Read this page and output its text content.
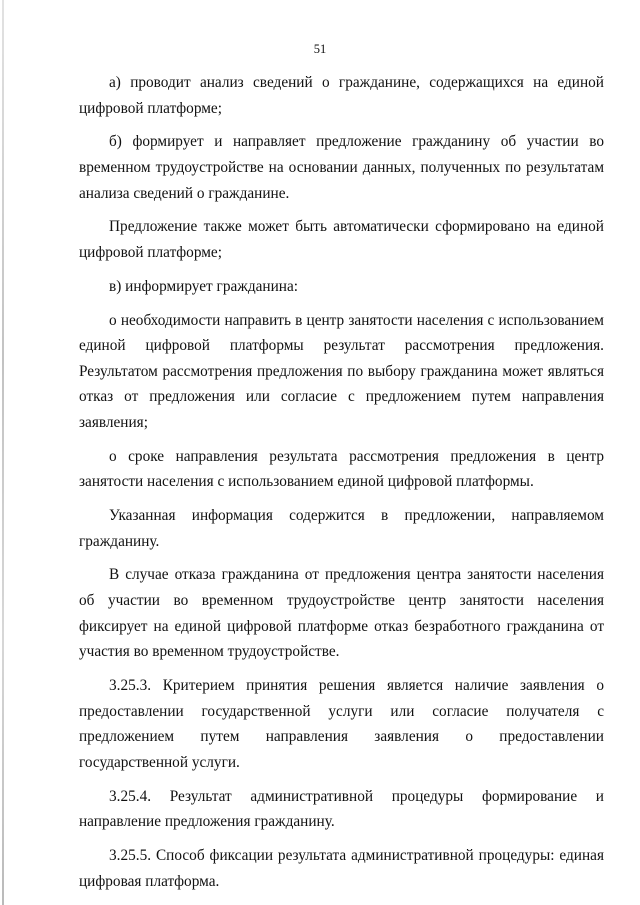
51

а) проводит анализ сведений о гражданине, содержащихся на единой цифровой платформе;

б) формирует и направляет предложение гражданину об участии во временном трудоустройстве на основании данных, полученных по результатам анализа сведений о гражданине.

Предложение также может быть автоматически сформировано на единой цифровой платформе;

в) информирует гражданина:

о необходимости направить в центр занятости населения с использованием единой цифровой платформы результат рассмотрения предложения. Результатом рассмотрения предложения по выбору гражданина может являться отказ от предложения или согласие с предложением путем направления заявления;

о сроке направления результата рассмотрения предложения в центр занятости населения с использованием единой цифровой платформы.

Указанная информация содержится в предложении, направляемом гражданину.

В случае отказа гражданина от предложения центра занятости населения об участии во временном трудоустройстве центр занятости населения фиксирует на единой цифровой платформе отказ безработного гражданина от участия во временном трудоустройстве.

3.25.3. Критерием принятия решения является наличие заявления о предоставлении государственной услуги или согласие получателя с предложением путем направления заявления о предоставлении государственной услуги.

3.25.4. Результат административной процедуры формирование и направление предложения гражданину.

3.25.5. Способ фиксации результата административной процедуры: единая цифровая платформа.
